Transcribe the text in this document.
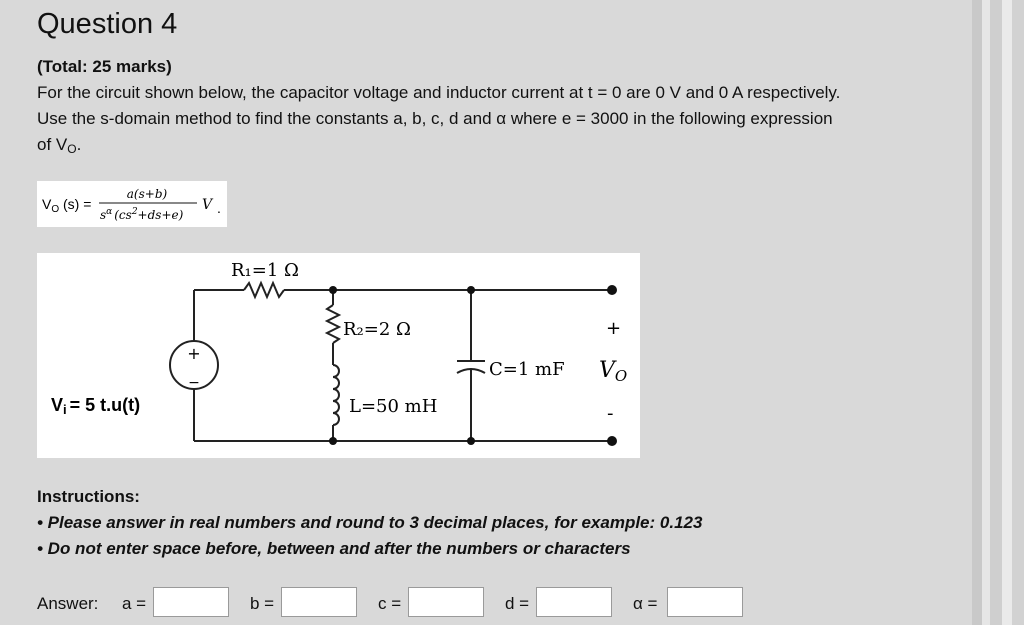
Question 4
(Total: 25 marks)
For the circuit shown below, the capacitor voltage and inductor current at t = 0 are 0 V and 0 A respectively.
Use the s-domain method to find the constants a, b, c, d and α where e = 3000 in the following expression
of $V_O$.
$V_O$ (s) =
a(s+b)
$s^\alpha$ $(cs^2+ds+e)$
V .
+
−
R₁=1 Ω
R₂=2 Ω
L=50 mH
C=1 mF
+
-
VO
Vi = 5 t.u(t)
Instructions:
• Please answer in real numbers and round to 3 decimal places, for example: 0.123
• Do not enter space before, between and after the numbers or characters
Answer: a =	b =	c =	d =	α =
